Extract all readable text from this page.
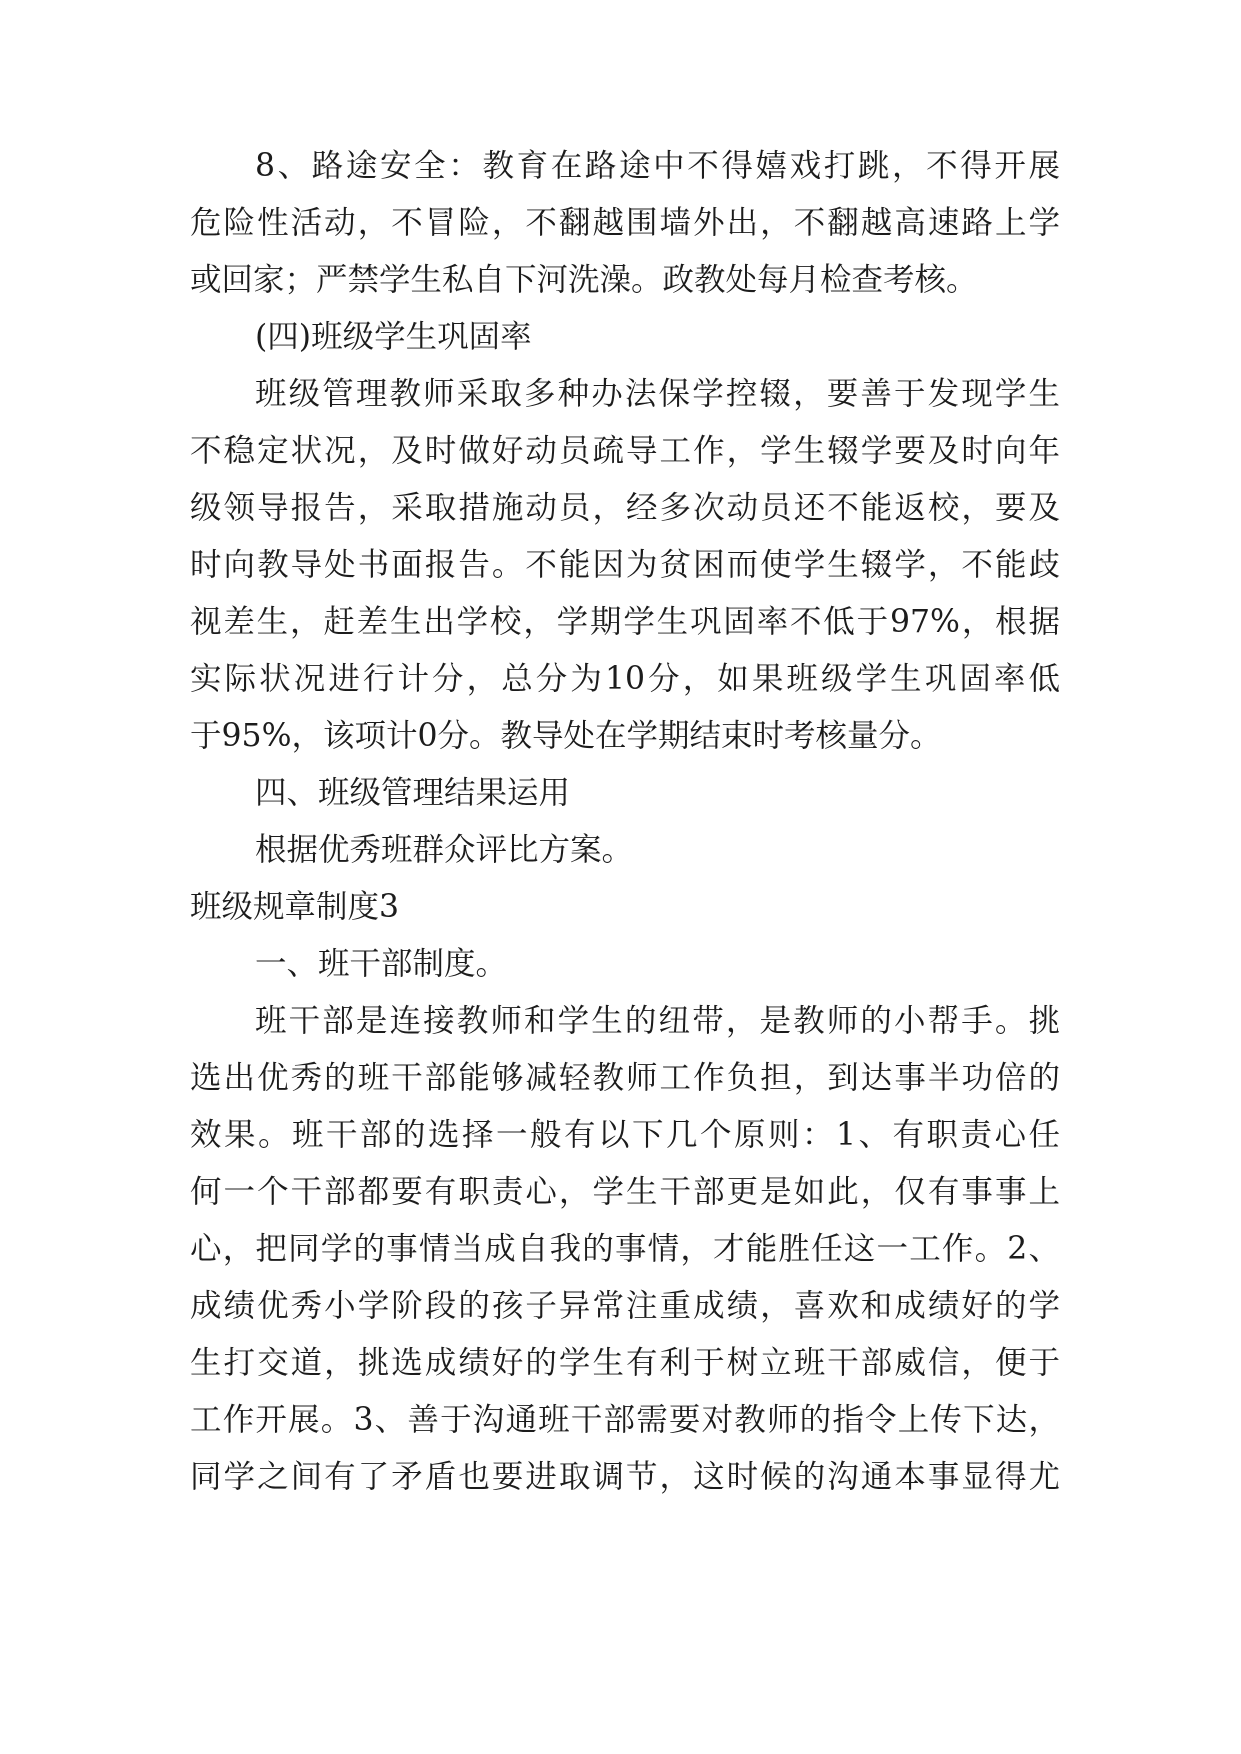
8、路途安全：教育在路途中不得嬉戏打跳，不得开展
危险性活动，不冒险，不翻越围墙外出，不翻越高速路上学
或回家；严禁学生私自下河洗澡。政教处每月检查考核。
(四)班级学生巩固率
班级管理教师采取多种办法保学控辍，要善于发现学生
不稳定状况，及时做好动员疏导工作，学生辍学要及时向年
级领导报告，采取措施动员，经多次动员还不能返校，要及
时向教导处书面报告。不能因为贫困而使学生辍学，不能歧
视差生，赶差生出学校，学期学生巩固率不低于97%，根据
实际状况进行计分，总分为10分，如果班级学生巩固率低
于95%，该项计0分。教导处在学期结束时考核量分。
四、班级管理结果运用
根据优秀班群众评比方案。
班级规章制度3
一、班干部制度。
班干部是连接教师和学生的纽带，是教师的小帮手。挑
选出优秀的班干部能够减轻教师工作负担，到达事半功倍的
效果。班干部的选择一般有以下几个原则：1、有职责心任
何一个干部都要有职责心，学生干部更是如此，仅有事事上
心，把同学的事情当成自我的事情，才能胜任这一工作。2、
成绩优秀小学阶段的孩子异常注重成绩，喜欢和成绩好的学
生打交道，挑选成绩好的学生有利于树立班干部威信，便于
工作开展。3、善于沟通班干部需要对教师的指令上传下达，
同学之间有了矛盾也要进取调节，这时候的沟通本事显得尤
